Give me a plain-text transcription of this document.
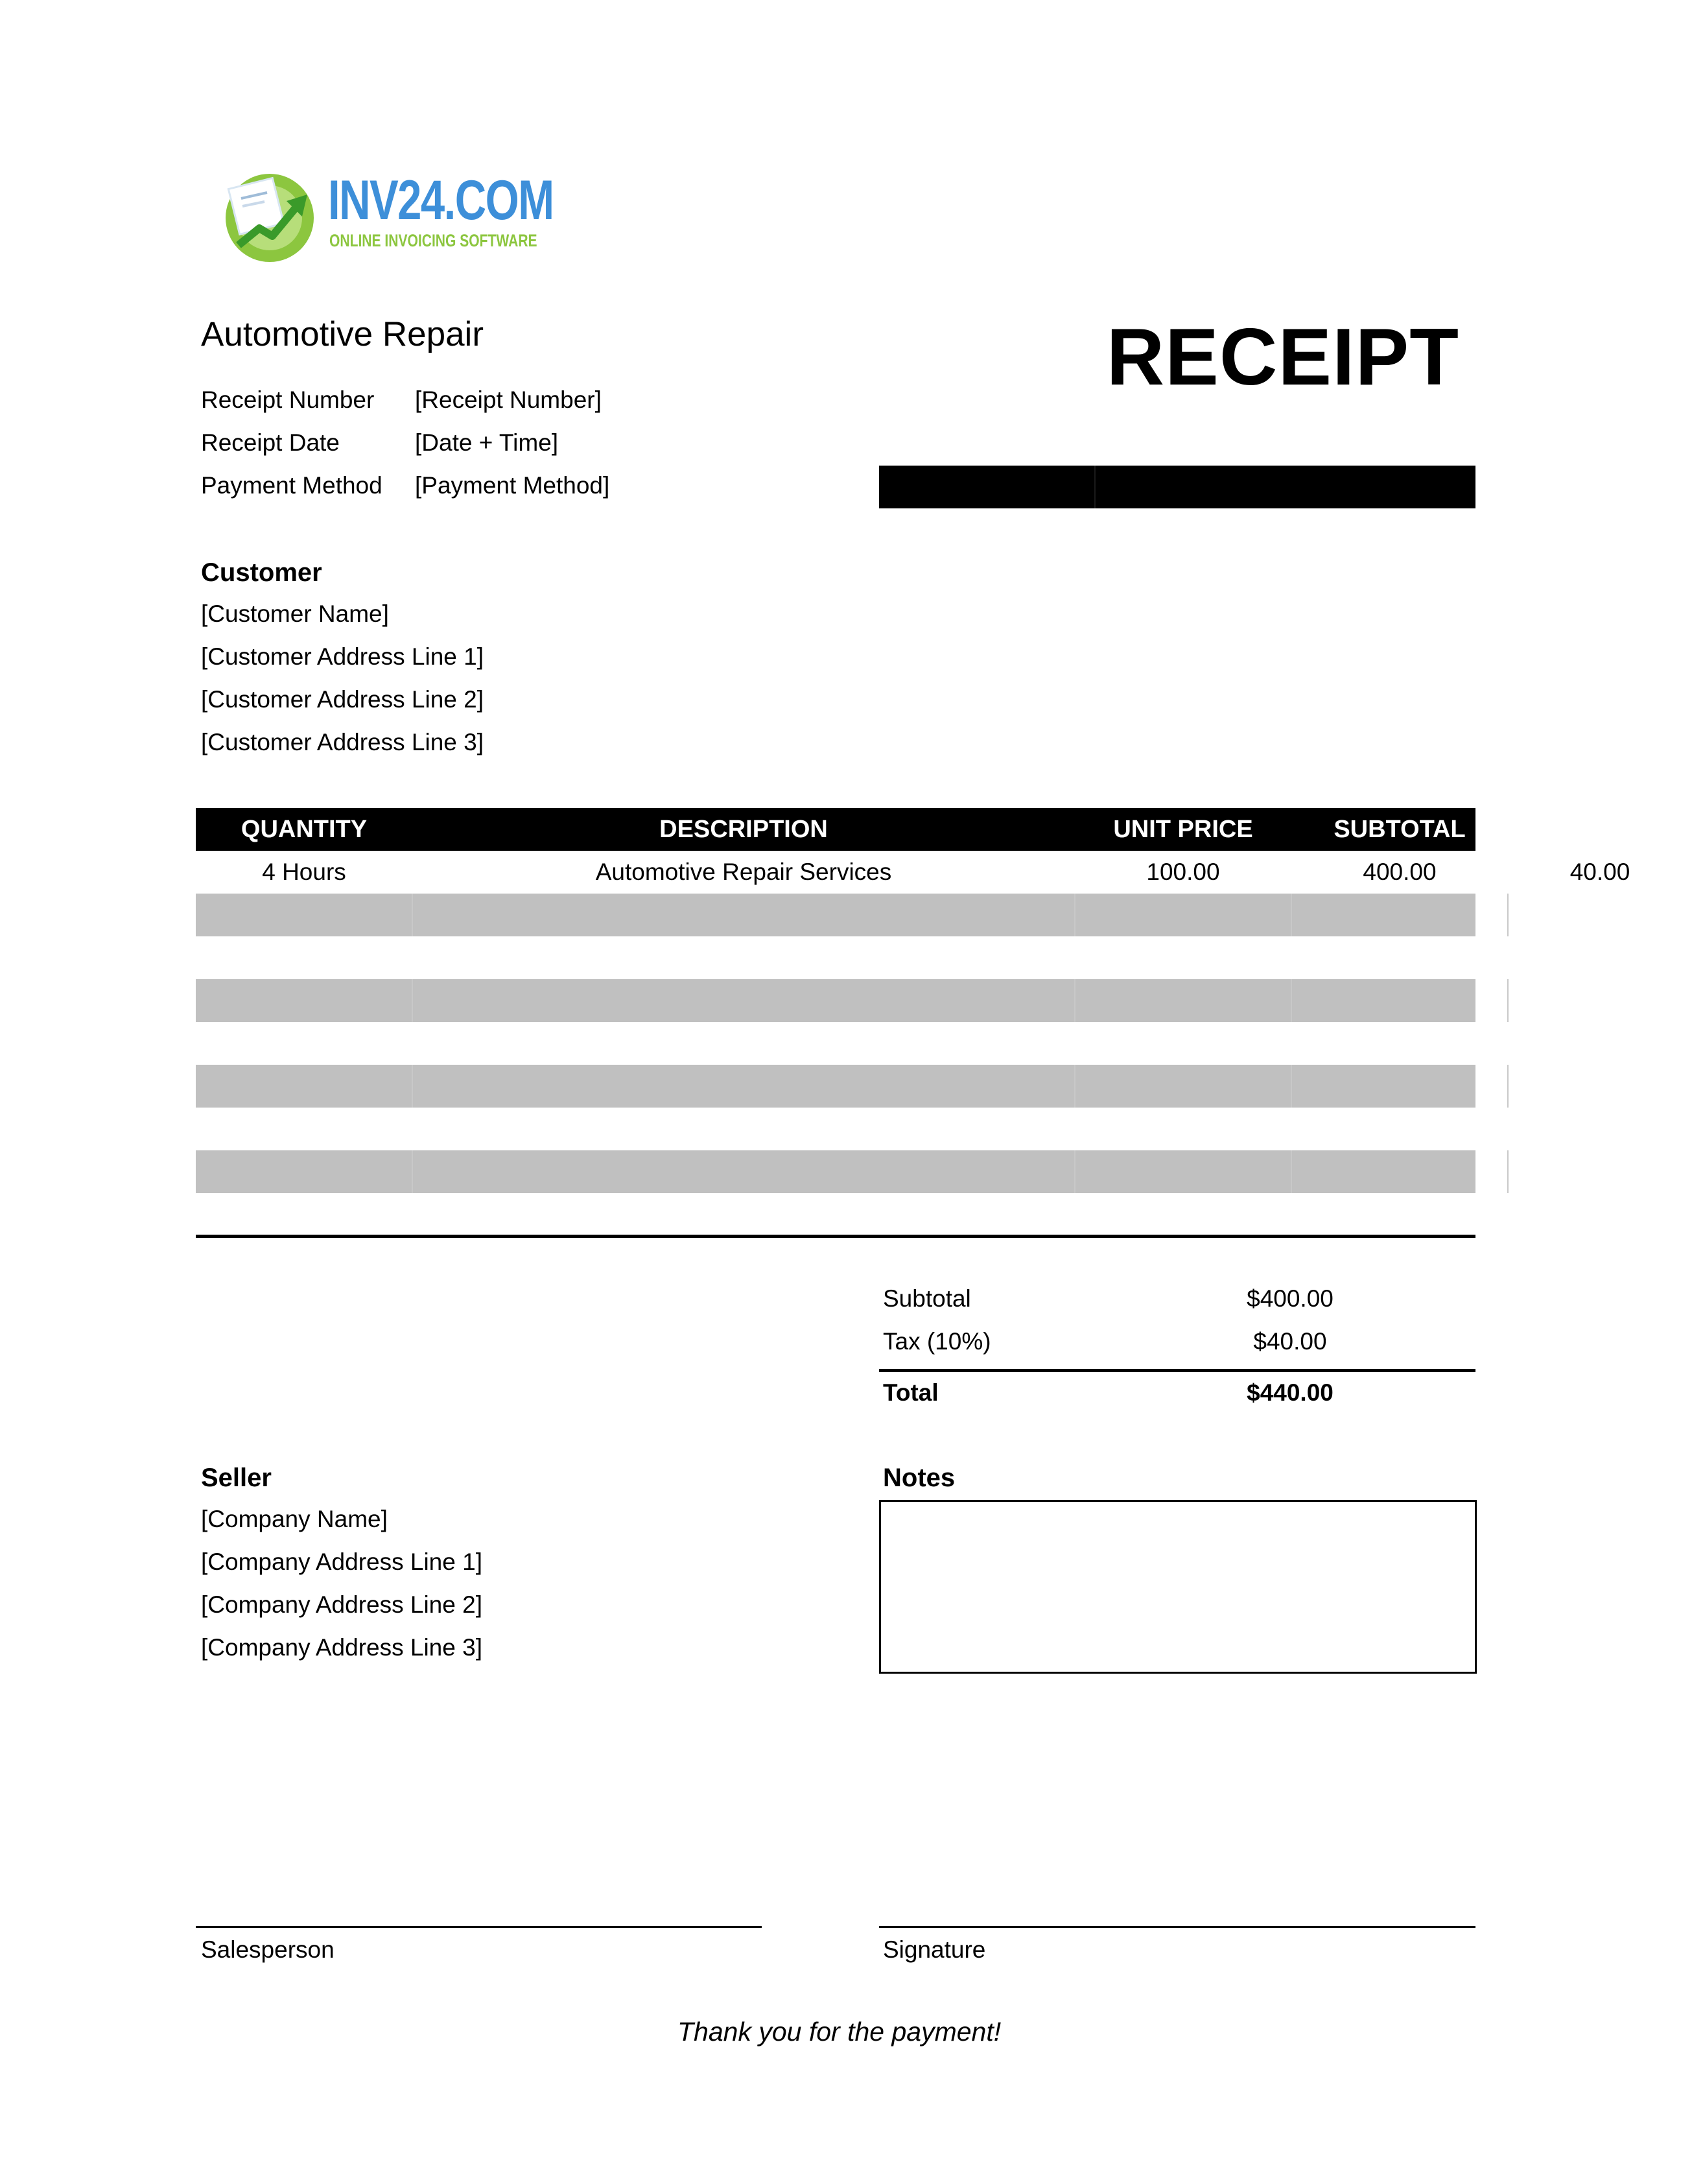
INV24.COM
ONLINE INVOICING SOFTWARE
Automotive Repair	RECEIPT
Receipt Number [Receipt Number]
Receipt Date	[Date + Time]
Payment Method [Payment Method]
Customer
[Customer Name]
[Customer Address Line 1]
[Customer Address Line 2]
[Customer Address Line 3]
QUANTITY	DESCRIPTION	UNIT PRICE	SUBTOTAL	TAX
4 Hours	Automotive Repair Services	100.00	400.00	40.00
Subtotal	$400.00
Tax (10%)	$40.00
Total	$440.00
Seller
[Company Name]
[Company Address Line 1]
[Company Address Line 2]
[Company Address Line 3]
Notes
Salesperson	Signature
Thank you for the payment!
